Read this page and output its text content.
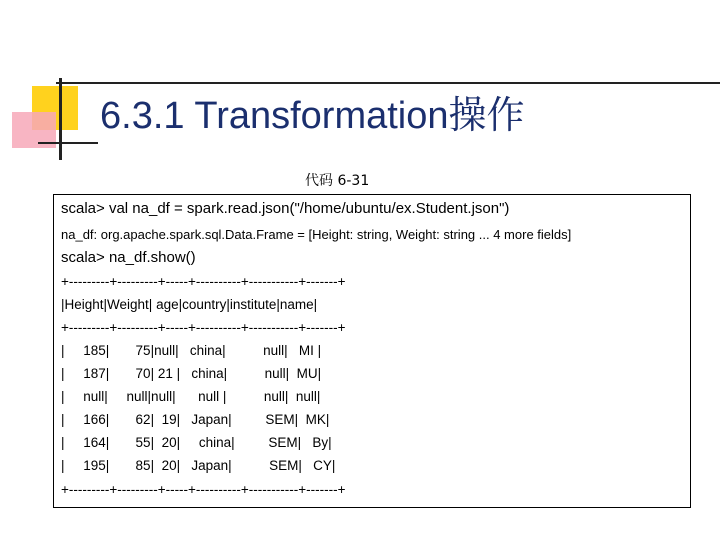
6.3.1 Transformation操作
代码 6-31
scala> val na_df = spark.read.json("/home/ubuntu/ex.Student.json")
na_df: org.apache.spark.sql.Data.Frame = [Height: string, Weight: string ... 4 more fields]
scala> na_df.show()
+---------+---------+-----+----------+-----------+-------+
|Height|Weight| age|country|institute|name|
+---------+---------+-----+----------+-----------+-------+
|     185|       75|null|   china|          null|   MI |
|     187|       70| 21 |   china|          null|  MU|
|     null|     null|null|      null |          null|  null|
|     166|       62|  19|   Japan|         SEM|  MK|
|     164|       55|  20|     china|         SEM|   By|
|     195|       85|  20|   Japan|          SEM|   CY|
+---------+---------+-----+----------+-----------+-------+
